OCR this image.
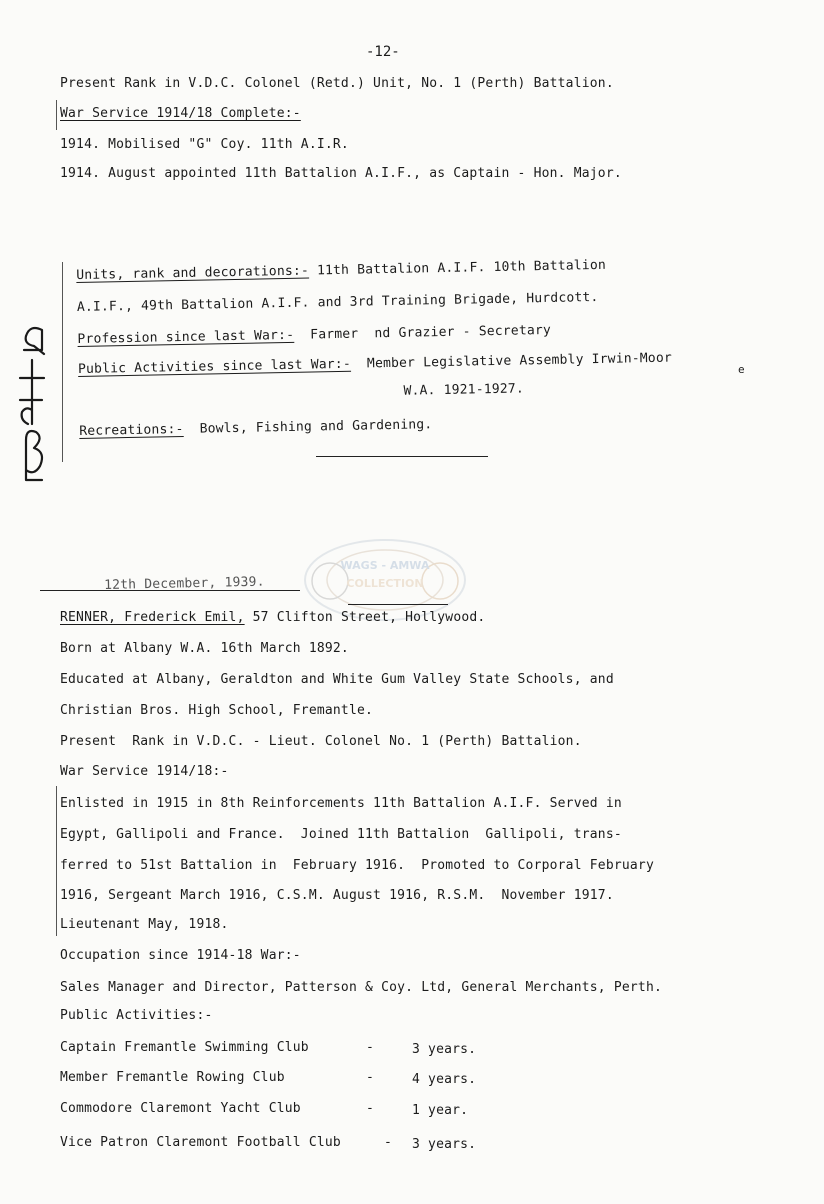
-12-
Present Rank in V.D.C. Colonel (Retd.) Unit, No. 1 (Perth) Battalion.
War Service 1914/18 Complete:-
1914. Mobilised "G" Coy. 11th A.I.R.
1914. August appointed 11th Battalion A.I.F., as Captain - Hon. Major.
Units, rank and decorations:- 11th Battalion A.I.F. 10th Battalion
A.I.F., 49th Battalion A.I.F. and 3rd Training Brigade, Hurdcott.
Profession since last War:-  Farmer  nd Grazier - Secretary
Public Activities since last War:-  Member Legislative Assembly Irwin-Moor
W.A. 1921-1927.
Recreations:-  Bowls, Fishing and Gardening.
e
WAGS - AMWA
COLLECTION
12th December, 1939.
RENNER, Frederick Emil, 57 Clifton Street, Hollywood.
Born at Albany W.A. 16th March 1892.
Educated at Albany, Geraldton and White Gum Valley State Schools, and
Christian Bros. High School, Fremantle.
Present  Rank in V.D.C. - Lieut. Colonel No. 1 (Perth) Battalion.
War Service 1914/18:-
Enlisted in 1915 in 8th Reinforcements 11th Battalion A.I.F. Served in
Egypt, Gallipoli and France.  Joined 11th Battalion  Gallipoli, trans-
ferred to 51st Battalion in  February 1916.  Promoted to Corporal February
1916, Sergeant March 1916, C.S.M. August 1916, R.S.M.  November 1917.
Lieutenant May, 1918.
Occupation since 1914-18 War:-
Sales Manager and Director, Patterson & Coy. Ltd, General Merchants, Perth.
Public Activities:-
Captain Fremantle Swimming Club	-	3 years.
Member Fremantle Rowing Club	-	4 years.
Commodore Claremont Yacht Club	-	1 year.
Vice Patron Claremont Football Club	- 3 years.
